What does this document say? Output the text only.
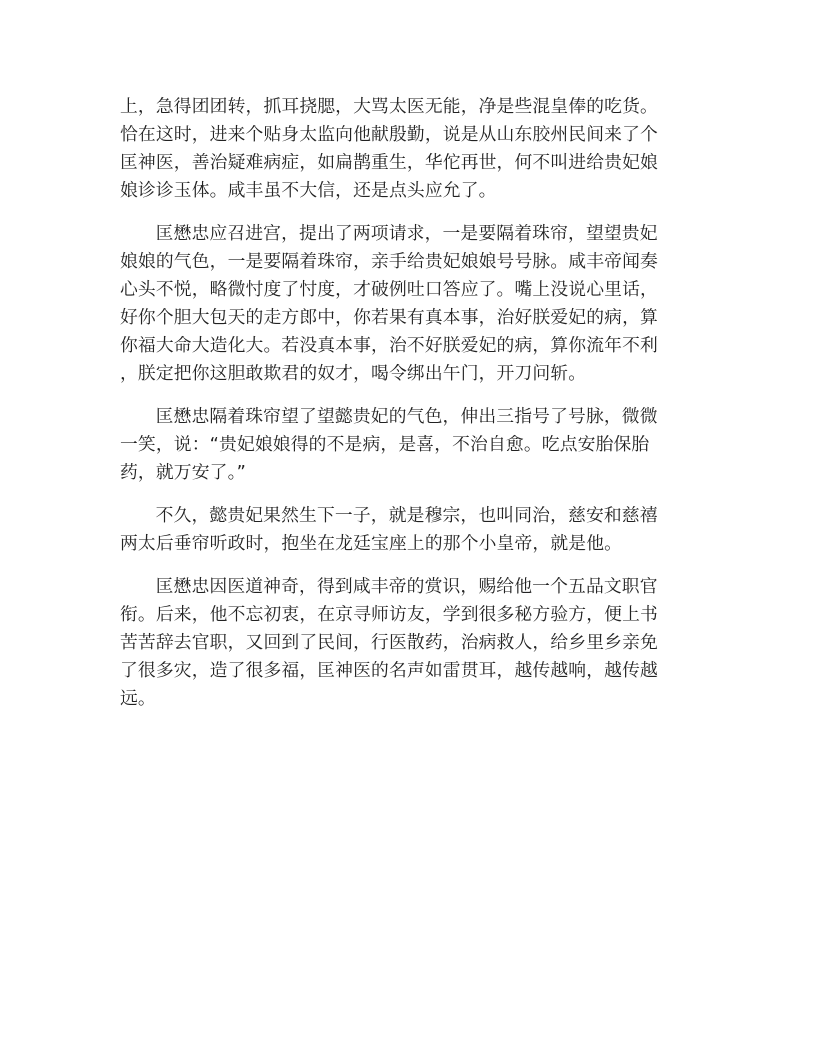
上，急得团团转，抓耳挠腮，大骂太医无能，净是些混皇俸的吃货。
恰在这时，进来个贴身太监向他献殷勤，说是从山东胶州民间来了个
匡神医，善治疑难病症，如扁鹊重生，华佗再世，何不叫进给贵妃娘
娘诊诊玉体。咸丰虽不大信，还是点头应允了。
匡懋忠应召进宫，提出了两项请求，一是要隔着珠帘，望望贵妃
娘娘的气色，一是要隔着珠帘，亲手给贵妃娘娘号号脉。咸丰帝闻奏
心头不悦，略微忖度了忖度，才破例吐口答应了。嘴上没说心里话，
好你个胆大包天的走方郎中，你若果有真本事，治好朕爱妃的病，算
你福大命大造化大。若没真本事，治不好朕爱妃的病，算你流年不利
，朕定把你这胆敢欺君的奴才，喝令绑出午门，开刀问斩。
匡懋忠隔着珠帘望了望懿贵妃的气色，伸出三指号了号脉，微微
一笑，说：“贵妃娘娘得的不是病，是喜，不治自愈。吃点安胎保胎
药，就万安了。”
不久，懿贵妃果然生下一子，就是穆宗，也叫同治，慈安和慈禧
两太后垂帘听政时，抱坐在龙廷宝座上的那个小皇帝，就是他。
匡懋忠因医道神奇，得到咸丰帝的赏识，赐给他一个五品文职官
衔。后来，他不忘初衷，在京寻师访友，学到很多秘方验方，便上书
苦苦辞去官职，又回到了民间，行医散药，治病救人，给乡里乡亲免
了很多灾，造了很多福，匡神医的名声如雷贯耳，越传越响，越传越
远。
